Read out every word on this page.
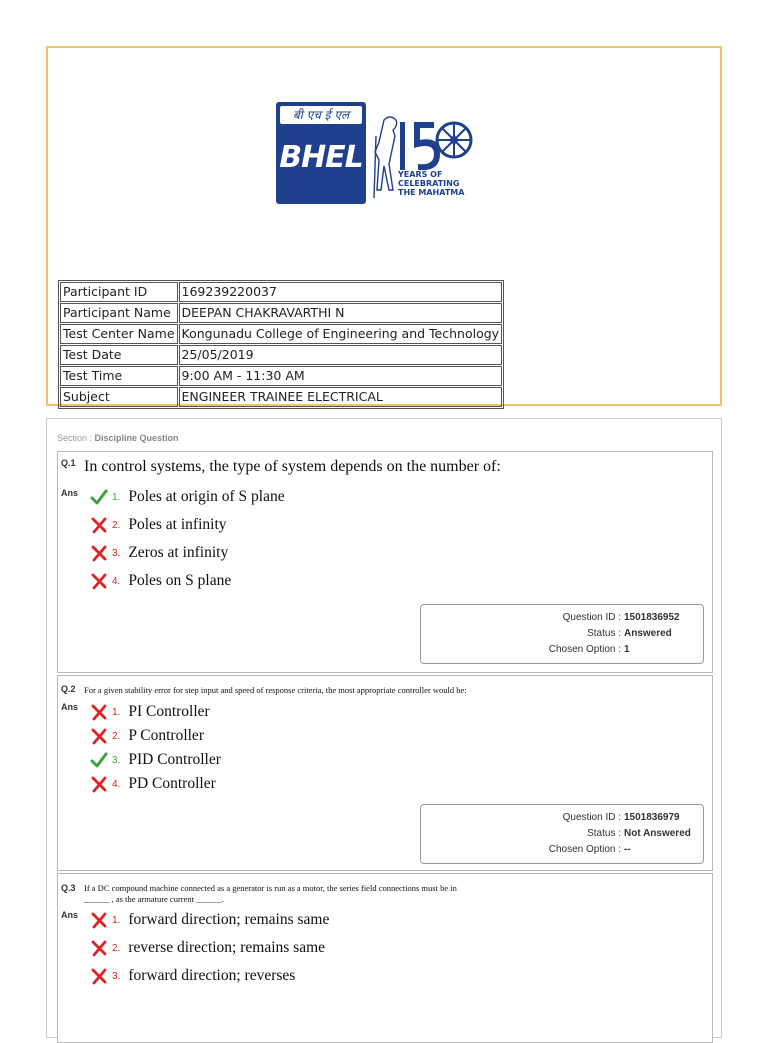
बी एच ई एल
BHEL	YEARS OF
CELEBRATING
THE MAHATMA
Participant ID	169239220037
Participant Name	DEEPAN CHAKRAVARTHI N
Test Center Name	Kongunadu College of Engineering and Technology
Test Date	25/05/2019
Test Time	9:00 AM - 11:30 AM
Subject	ENGINEER TRAINEE ELECTRICAL
Section : Discipline Question
Q.1 In control systems, the type of system depends on the number of:
Ans	1. Poles at origin of S plane
2. Poles at infinity
3. Zeros at infinity
4. Poles on S plane
Question ID : 1501836952
Status : Answered
Chosen Option : 1
Q.2 For a given stability error for step input and speed of response criteria, the most appropriate controller would be:
Ans	1. PI Controller
2. P Controller
3. PID Controller
4. PD Controller
Question ID : 1501836979
Status : Not Answered
Chosen Option : --
Q.3 If a DC compound machine connected as a generator is run as a motor, the series field connections must be in
______ , as the armature current ______.
Ans	1. forward direction; remains same
2. reverse direction; remains same
3. forward direction; reverses
